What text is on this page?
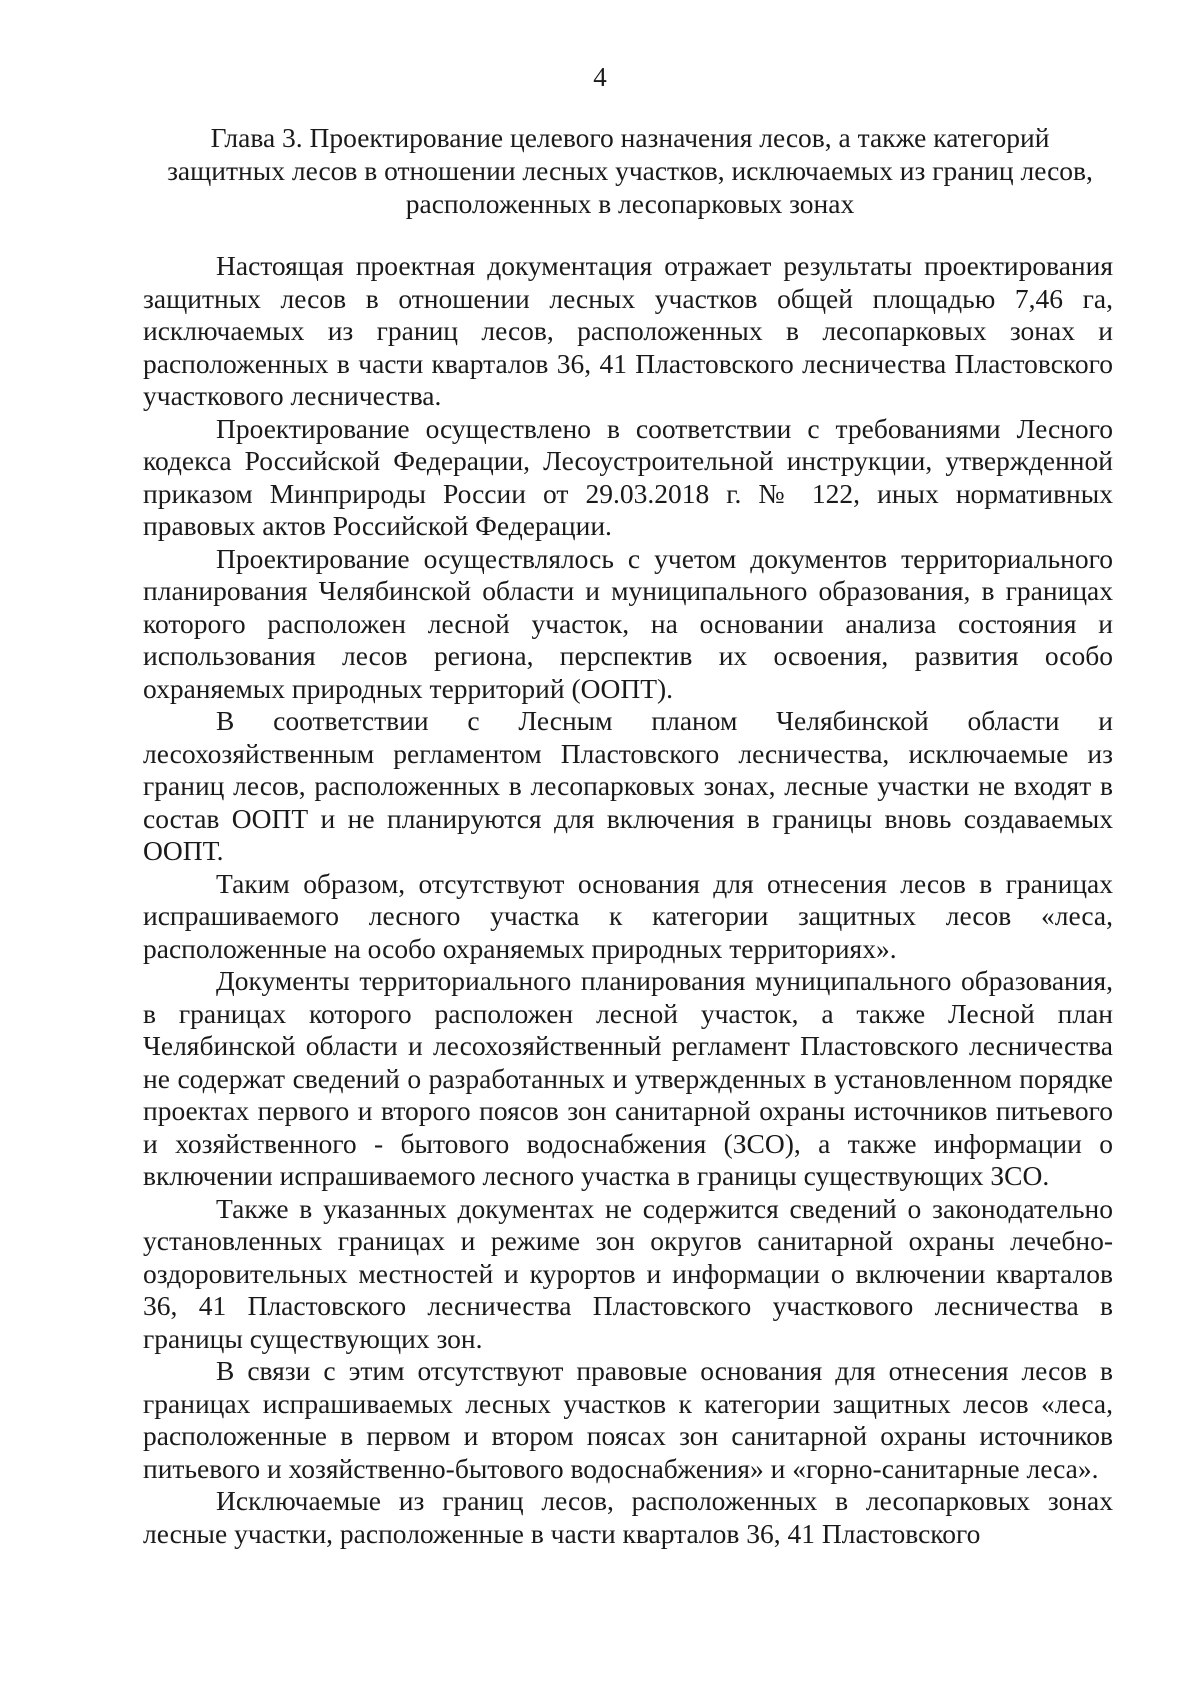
4
Глава 3. Проектирование целевого назначения лесов, а также категорий
защитных лесов в отношении лесных участков, исключаемых из границ лесов,
расположенных в лесопарковых зонах

Настоящая проектная документация отражает результаты проектирования защитных лесов в отношении лесных участков общей площадью 7,46 га, исключаемых из границ лесов, расположенных в лесопарковых зонах и расположенных в части кварталов 36, 41 Пластовского лесничества Пластовского участкового лесничества.

Проектирование осуществлено в соответствии с требованиями Лесного кодекса Российской Федерации, Лесоустроительной инструкции, утвержденной приказом Минприроды России от 29.03.2018 г. № 122, иных нормативных правовых актов Российской Федерации.

Проектирование осуществлялось с учетом документов территориального планирования Челябинской области и муниципального образования, в границах которого расположен лесной участок, на основании анализа состояния и использования лесов региона, перспектив их освоения, развития особо охраняемых природных территорий (ООПТ).

В соответствии с Лесным планом Челябинской области и лесохозяйственным регламентом Пластовского лесничества, исключаемые из границ лесов, расположенных в лесопарковых зонах, лесные участки не входят в состав ООПТ и не планируются для включения в границы вновь создаваемых ООПТ.

Таким образом, отсутствуют основания для отнесения лесов в границах испрашиваемого лесного участка к категории защитных лесов «леса, расположенные на особо охраняемых природных территориях».

Документы территориального планирования муниципального образования, в границах которого расположен лесной участок, а также Лесной план Челябинской области и лесохозяйственный регламент Пластовского лесничества не содержат сведений о разработанных и утвержденных в установленном порядке проектах первого и второго поясов зон санитарной охраны источников питьевого и хозяйственного - бытового водоснабжения (ЗСО), а также информации о включении испрашиваемого лесного участка в границы существующих ЗСО.

Также в указанных документах не содержится сведений о законодательно установленных границах и режиме зон округов санитарной охраны лечебно-оздоровительных местностей и курортов и информации о включении кварталов 36, 41 Пластовского лесничества Пластовского участкового лесничества в границы существующих зон.

В связи с этим отсутствуют правовые основания для отнесения лесов в границах испрашиваемых лесных участков к категории защитных лесов «леса, расположенные в первом и втором поясах зон санитарной охраны источников питьевого и хозяйственно-бытового водоснабжения» и «горно-санитарные леса».

Исключаемые из границ лесов, расположенных в лесопарковых зонах лесные участки, расположенные в части кварталов 36, 41 Пластовского
